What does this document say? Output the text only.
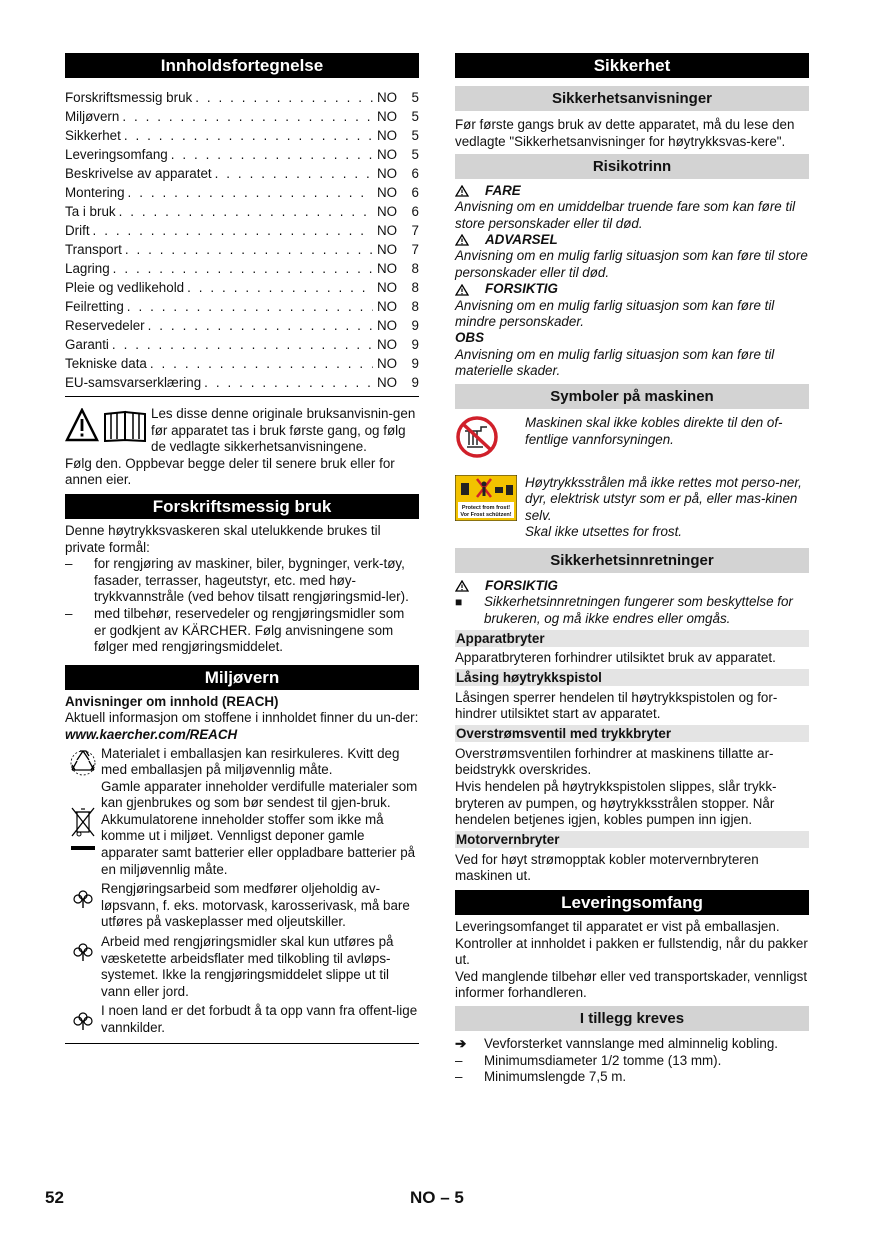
Innholdsfortegnelse
Forskriftsmessig bruk . . .	NO 5
Miljøvern . . .	NO 5
Sikkerhet . . .	NO 5
Leveringsomfang . . .	NO 5
Beskrivelse av apparatet . . .	NO 6
Montering . . .	NO 6
Ta i bruk . . .	NO 6
Drift . . .	NO 7
Transport . . .	NO 7
Lagring . . .	NO 8
Pleie og vedlikehold . . .	NO 8
Feilretting . . .	NO 8
Reservedeler . . .	NO 9
Garanti . . .	NO 9
Tekniske data . . .	NO 9
EU-samsvarserklæring . . .	NO 9

Les disse denne originale bruksanvisnin-gen før apparatet tas i bruk første gang, og følg de vedlagte sikkerhetsanvisningene.

Følg den. Oppbevar begge deler til senere bruk eller for annen eier.

Forskriftsmessig bruk

Denne høytrykksvaskeren skal utelukkende brukes til private formål:

– for rengjøring av maskiner, biler, bygninger, verk-tøy, fasader, terrasser, hageutstyr, etc. med høy-trykkvannstråle (ved behov tilsatt rengjøringsmid-ler).
– med tilbehør, reservedeler og rengjøringsmidler som er godkjent av KÄRCHER. Følg anvisningene som følger med rengjøringsmiddelet.
Miljøvern

Anvisninger om innhold (REACH)

Aktuell informasjon om stoffene i innholdet finner du un-der:

www.kaercher.com/REACH

Materialet i emballasjen kan resirkuleres. Kvitt deg med emballasjen på miljøvennlig måte.

Gamle apparater inneholder verdifulle materialer som kan gjenbrukes og som bør sendest til gjen-bruk. Akkumulatorene inneholder stoffer som ikke må komme ut i miljøet. Vennligst deponer gamle apparater samt batterier eller oppladbare batterier på en miljøvennlig måte.

Rengjøringsarbeid som medfører oljeholdig av-løpsvann, f. eks. motorvask, karosserivask, må bare utføres på vaskeplasser med oljeutskiller.

Arbeid med rengjøringsmidler skal kun utføres på væsketette arbeidsflater med tilkobling til avløps-systemet. Ikke la rengjøringsmiddelet slippe ut til vann eller jord.

I noen land er det forbudt å ta opp vann fra offent-lige vannkilder.

Sikkerhet
Sikkerhetsanvisninger

Før første gangs bruk av dette apparatet, må du lese den vedlagte "Sikkerhetsanvisninger for høytrykksvas-kere".

Risikotrinn
FARE

Anvisning om en umiddelbar truende fare som kan føre til store personskader eller til død.

ADVARSEL

Anvisning om en mulig farlig situasjon som kan føre til store personskader eller til død.

FORSIKTIG

Anvisning om en mulig farlig situasjon som kan føre til mindre personskader.

OBS

Anvisning om en mulig farlig situasjon som kan føre til materielle skader.

Symboler på maskinen

Maskinen skal ikke kobles direkte til den of-fentlige vannforsyningen.

Protect from frost!
Vor Frost schützen!

Høytrykksstrålen må ikke rettes mot perso-ner, dyr, elektrisk utstyr som er på, eller mas-kinen selv.

Skal ikke utsettes for frost.

Sikkerhetsinnretninger
FORSIKTIG
■	Sikkerhetsinnretningen fungerer som beskyttelse for brukeren, og må ikke endres eller omgås.

Apparatbryter

Apparatbryteren forhindrer utilsiktet bruk av apparatet.

Låsing høytrykkspistol

Låsingen sperrer hendelen til høytrykkspistolen og for-hindrer utilsiktet start av apparatet.

Overstrømsventil med trykkbryter

Overstrømsventilen forhindrer at maskinens tillatte ar-beidstrykk overskrides.

Hvis hendelen på høytrykkspistolen slippes, slår trykk-bryteren av pumpen, og høytrykksstrålen stopper. Når hendelen betjenes igjen, kobles pumpen inn igjen.

Motorvernbryter

Ved for høyt strømopptak kobler motervernbryteren maskinen ut.

Leveringsomfang

Leveringsomfanget til apparatet er vist på emballasjen. Kontroller at innholdet i pakken er fullstendig, når du pakker ut.

Ved manglende tilbehør eller ved transportskader, vennligst informer forhandleren.

I tillegg kreves
➔ Vevforsterket vannslange med alminnelig kobling.
– Minimumsdiameter 1/2 tomme (13 mm).
– Minimumslengde 7,5 m.
52	NO – 5
